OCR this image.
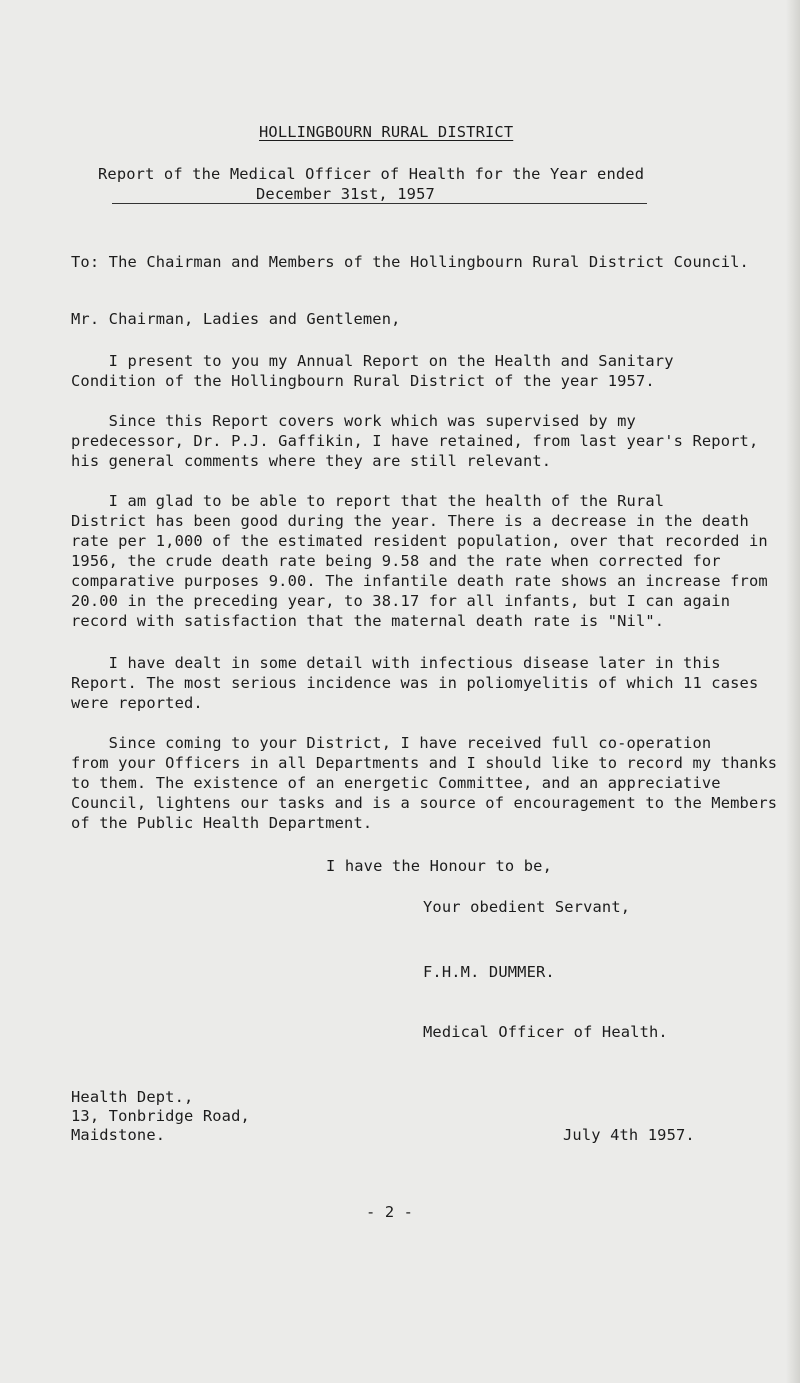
HOLLINGBOURN RURAL DISTRICT
Report of the Medical Officer of Health for the Year ended
December 31st, 1957
To: The Chairman and Members of the Hollingbourn Rural District Council.
Mr. Chairman, Ladies and Gentlemen,
I present to you my Annual Report on the Health and Sanitary
Condition of the Hollingbourn Rural District of the year 1957.
Since this Report covers work which was supervised by my
predecessor, Dr. P.J. Gaffikin, I have retained, from last year's Report,
his general comments where they are still relevant.
I am glad to be able to report that the health of the Rural
District has been good during the year. There is a decrease in the death
rate per 1,000 of the estimated resident population, over that recorded in
1956, the crude death rate being 9.58 and the rate when corrected for
comparative purposes 9.00. The infantile death rate shows an increase from
20.00 in the preceding year, to 38.17 for all infants, but I can again
record with satisfaction that the maternal death rate is "Nil".
I have dealt in some detail with infectious disease later in this
Report. The most serious incidence was in poliomyelitis of which 11 cases
were reported.
Since coming to your District, I have received full co-operation
from your Officers in all Departments and I should like to record my thanks
to them. The existence of an energetic Committee, and an appreciative
Council, lightens our tasks and is a source of encouragement to the Members
of the Public Health Department.
I have the Honour to be,
Your obedient Servant,
F.H.M. DUMMER.
Medical Officer of Health.
Health Dept.,
13, Tonbridge Road,
Maidstone.	July 4th 1957.
- 2 -
